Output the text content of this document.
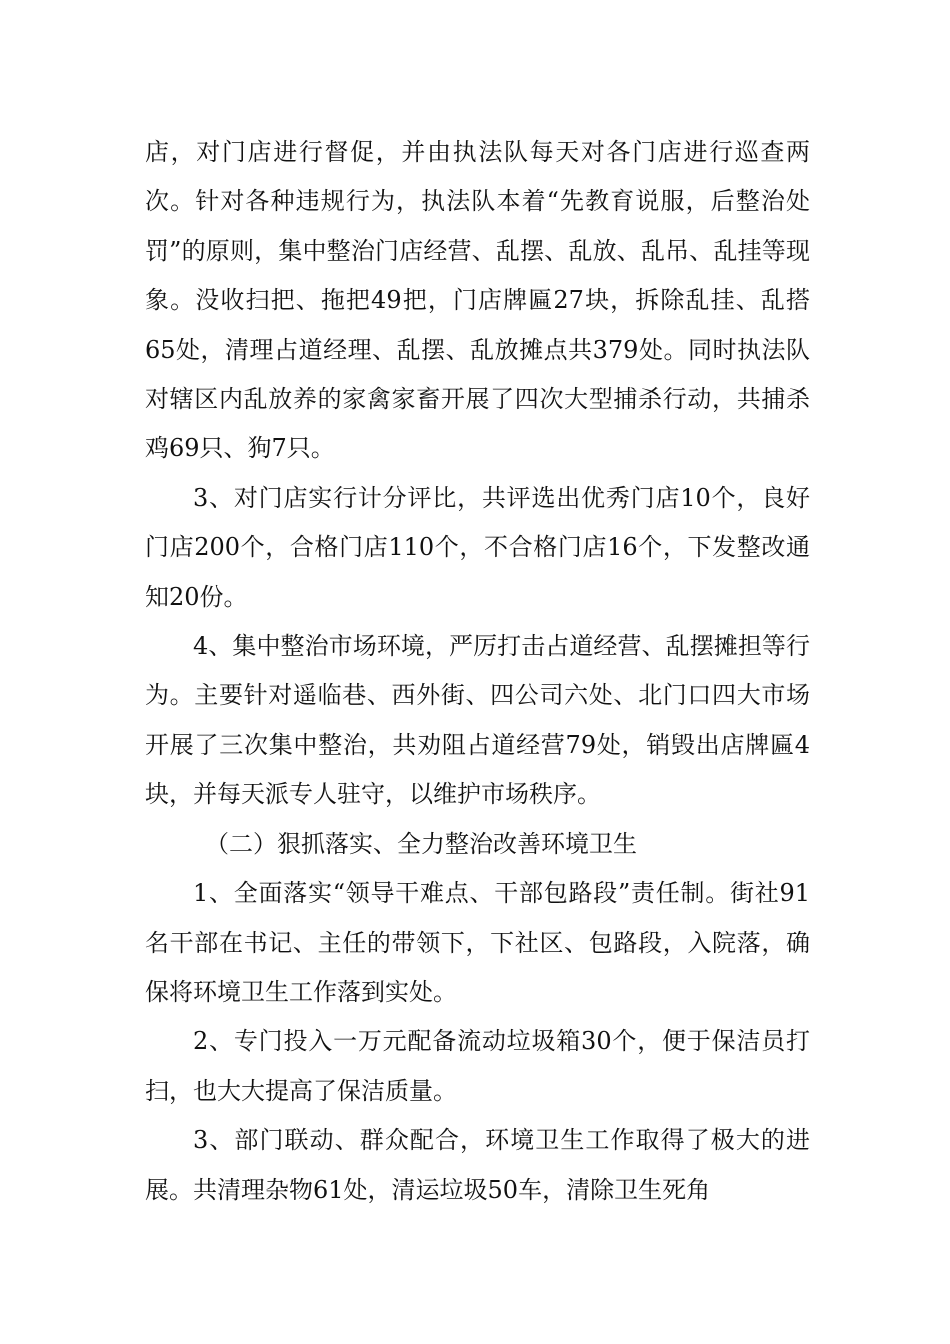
店，对门店进行督促，并由执法队每天对各门店进行巡查两次。针对各种违规行为，执法队本着“先教育说服，后整治处罚”的原则，集中整治门店经营、乱摆、乱放、乱吊、乱挂等现象。没收扫把、拖把49把，门店牌匾27块，拆除乱挂、乱搭65处，清理占道经理、乱摆、乱放摊点共379处。同时执法队对辖区内乱放养的家禽家畜开展了四次大型捕杀行动，共捕杀鸡69只、狗7只。

3、对门店实行计分评比，共评选出优秀门店10个，良好门店200个，合格门店110个，不合格门店16个，下发整改通知20份。

4、集中整治市场环境，严厉打击占道经营、乱摆摊担等行为。主要针对遥临巷、西外街、四公司六处、北门口四大市场开展了三次集中整治，共劝阻占道经营79处，销毁出店牌匾4块，并每天派专人驻守，以维护市场秩序。

（二）狠抓落实、全力整治改善环境卫生

1、全面落实“领导干难点、干部包路段”责任制。街社91名干部在书记、主任的带领下，下社区、包路段，入院落，确保将环境卫生工作落到实处。

2、专门投入一万元配备流动垃圾箱30个，便于保洁员打扫，也大大提高了保洁质量。

3、部门联动、群众配合，环境卫生工作取得了极大的进展。共清理杂物61处，清运垃圾50车，清除卫生死角
